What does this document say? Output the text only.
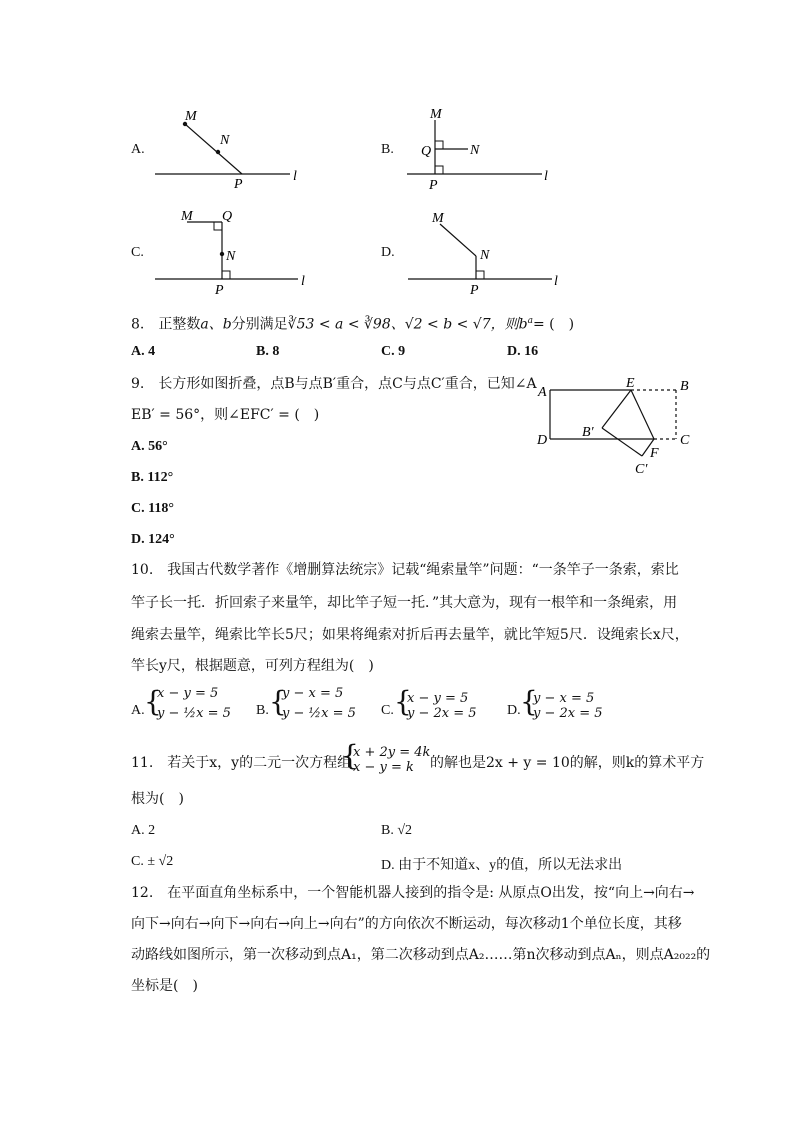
A.
M
N
P
l
B.
M
Q	N
P
l
C.
M Q
N
P
l
D.
M
N
P
l
8.　正整数a、b分别满足∛53 < a < ∛98、√2 < b < √7，则$b^a=$ (　)
A. 4	B. 8	C. 9	D. 16
9.　长方形如图折叠，点B与点B′重合，点C与点C′重合，已知∠A
EB′ = 56°，则∠EFC′ = (　)
A. 56°
B. 112°
C. 118°
D. 124°
A
E	B
D
B′
C
F
C′
10.　我国古代数学著作《增删算法统宗》记载“绳索量竿”问题：“一条竿子一条索，索比
竿子长一托．折回索子来量竿，却比竿子短一托．”其大意为，现有一根竿和一条绳索，用
绳索去量竿，绳索比竿长5尺；如果将绳索对折后再去量竿，就比竿短5尺．设绳索长x尺，
竿长y尺，根据题意，可列方程组为(　)
A. {
x − y = 5
y − ½x = 5 B. {
y − x = 5
y − ½x = 5 C. {
x − y = 5
y − 2x = 5 D. {
y − x = 5
y − 2x = 5
11.　若关于x，y的二元一次方程组
{
x + 2y = 4k
x − y = k 的解也是2x + y = 10的解，则k的算术平方
根为(　)
A. 2	B. √2
C. ± √2	D. 由于不知道x、y的值，所以无法求出
12.　在平面直角坐标系中，一个智能机器人接到的指令是: 从原点O出发，按“向上→向右→
向下→向右→向下→向右→向上→向右”的方向依次不断运动，每次移动1个单位长度，其移
动路线如图所示，第一次移动到点A₁，第二次移动到点A₂……第n次移动到点Aₙ，则点A₂₀₂₂的
坐标是(　)
